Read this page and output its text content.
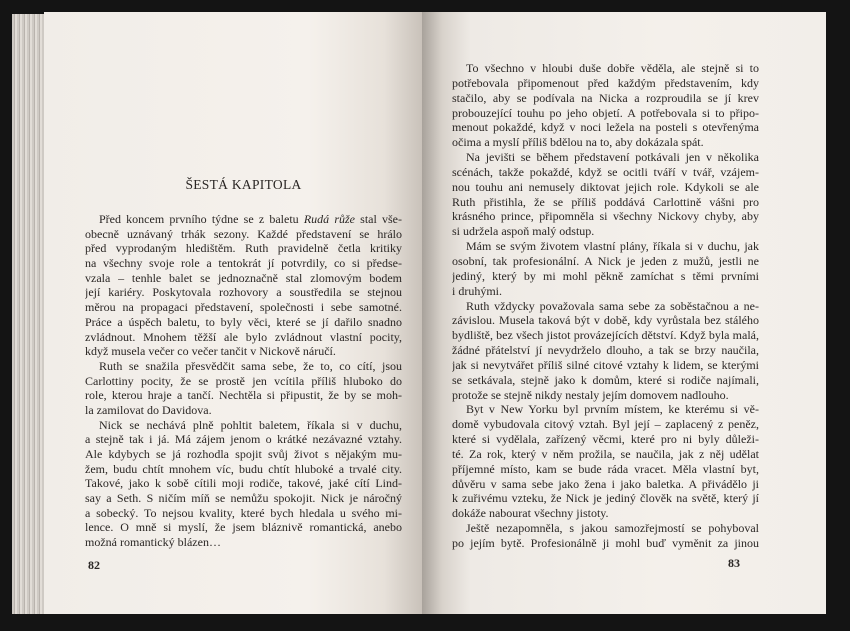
ŠESTÁ KAPITOLA
Před koncem prvního týdne se z baletu Rudá růže stal vše-
obecně uznávaný trhák sezony. Každé představení se hrálo
před vyprodaným hledištěm. Ruth pravidelně četla kritiky
na všechny svoje role a tentokrát jí potvrdily, co si předse-
vzala – tenhle balet se jednoznačně stal zlomovým bodem
její kariéry. Poskytovala rozhovory a soustředila se stejnou
měrou na propagaci představení, společnosti i sebe samotné.
Práce a úspěch baletu, to byly věci, které se jí dařilo snadno
zvládnout. Mnohem těžší ale bylo zvládnout vlastní pocity,
když musela večer co večer tančit v Nickově náručí.
Ruth se snažila přesvědčit sama sebe, že to, co cítí, jsou
Carlottiny pocity, že se prostě jen vcítila příliš hluboko do
role, kterou hraje a tančí. Nechtěla si připustit, že by se moh-
la zamilovat do Davidova.
Nick se nechává plně pohltit baletem, říkala si v duchu,
a stejně tak i já. Má zájem jenom o krátké nezávazné vztahy.
Ale kdybych se já rozhodla spojit svůj život s nějakým mu-
žem, budu chtít mnohem víc, budu chtít hluboké a trvalé city.
Takové, jako k sobě cítili moji rodiče, takové, jaké cítí Lind-
say a Seth. S ničím míň se nemůžu spokojit. Nick je náročný
a sobecký. To nejsou kvality, které bych hledala u svého mi-
lence. O mně si myslí, že jsem bláznivě romantická, anebo
možná romantický blázen…
82
To všechno v hloubi duše dobře věděla, ale stejně si to
potřebovala připomenout před každým představením, kdy
stačilo, aby se podívala na Nicka a rozproudila se jí krev
probouzející touhu po jeho objetí. A potřebovala si to připo-
menout pokaždé, když v noci ležela na posteli s otevřenýma
očima a myslí příliš bdělou na to, aby dokázala spát.
Na jevišti se během představení potkávali jen v několika
scénách, takže pokaždé, když se ocitli tváří v tvář, vzájem-
nou touhu ani nemusely diktovat jejich role. Kdykoli se ale
Ruth přistihla, že se příliš poddává Carlottině vášni pro
krásného prince, připomněla si všechny Nickovy chyby, aby
si udržela aspoň malý odstup.
Mám se svým životem vlastní plány, říkala si v duchu, jak
osobní, tak profesionální. A Nick je jeden z mužů, jestli ne
jediný, který by mi mohl pěkně zamíchat s těmi prvními
i druhými.
Ruth vždycky považovala sama sebe za soběstačnou a ne-
závislou. Musela taková být v době, kdy vyrůstala bez stálého
bydliště, bez všech jistot provázejících dětství. Když byla malá,
žádné přátelství jí nevydrželo dlouho, a tak se brzy naučila,
jak si nevytvářet příliš silné citové vztahy k lidem, se kterými
se setkávala, stejně jako k domům, které si rodiče najímali,
protože se stejně nikdy nestaly jejím domovem nadlouho.
Byt v New Yorku byl prvním místem, ke kterému si vě-
domě vybudovala citový vztah. Byl její – zaplacený z peněz,
které si vydělala, zařízený věcmi, které pro ni byly důleži-
té. Za rok, který v něm prožila, se naučila, jak z něj udělat
příjemné místo, kam se bude ráda vracet. Měla vlastní byt,
důvěru v sama sebe jako žena i jako baletka. A přivádělo ji
k zuřivému vzteku, že Nick je jediný člověk na světě, který jí
dokáže nabourat všechny jistoty.
Ještě nezapomněla, s jakou samozřejmostí se pohyboval
po jejím bytě. Profesionálně ji mohl buď vyměnit za jinou
83
